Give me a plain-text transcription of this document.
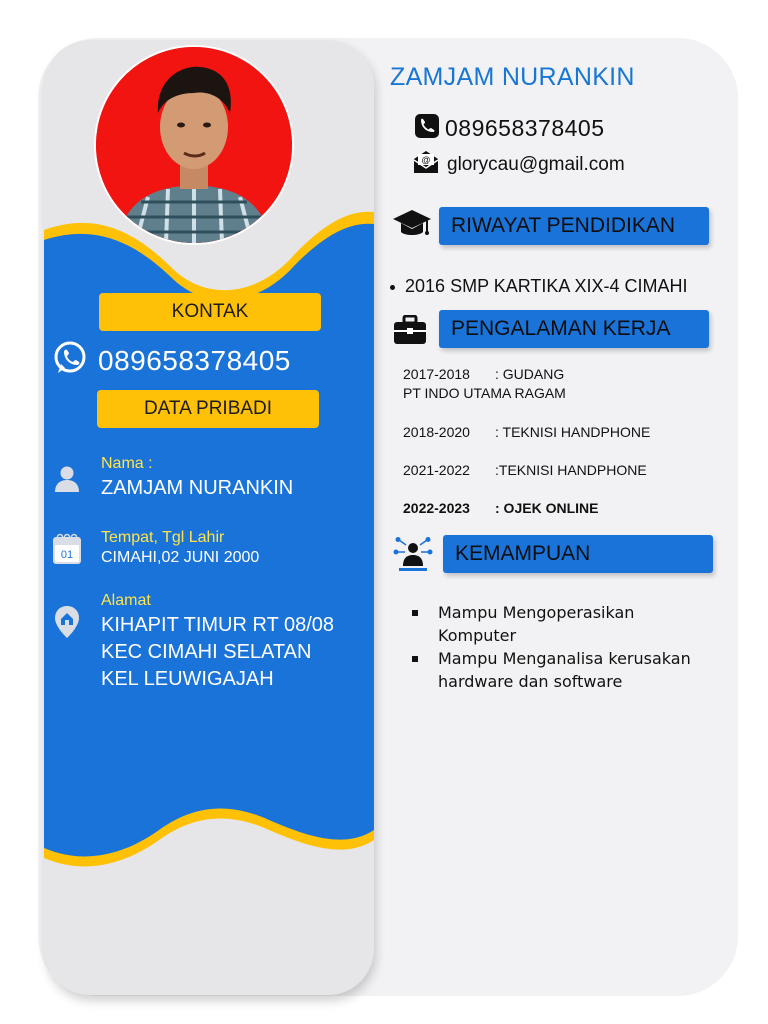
KONTAK
089658378405
DATA PRIBADI
Nama :
ZAMJAM NURANKIN
01
Tempat, Tgl Lahir
CIMAHI,02 JUNI 2000
Alamat
KIHAPIT TIMUR RT 08/08
KEC CIMAHI SELATAN
KEL LEUWIGAJAH
ZAMJAM NURANKIN
089658378405
@ glorycau@gmail.com
RIWAYAT PENDIDIKAN
2016 SMP KARTIKA XIX-4 CIMAHI
PENGALAMAN KERJA
2017-2018 : GUDANG
PT INDO UTAMA RAGAM
2018-2020 : TEKNISI HANDPHONE
2021-2022 :TEKNISI HANDPHONE
2022-2023 : OJEK ONLINE
KEMAMPUAN
Mampu Mengoperasikan Komputer
Mampu Menganalisa kerusakan hardware dan software
